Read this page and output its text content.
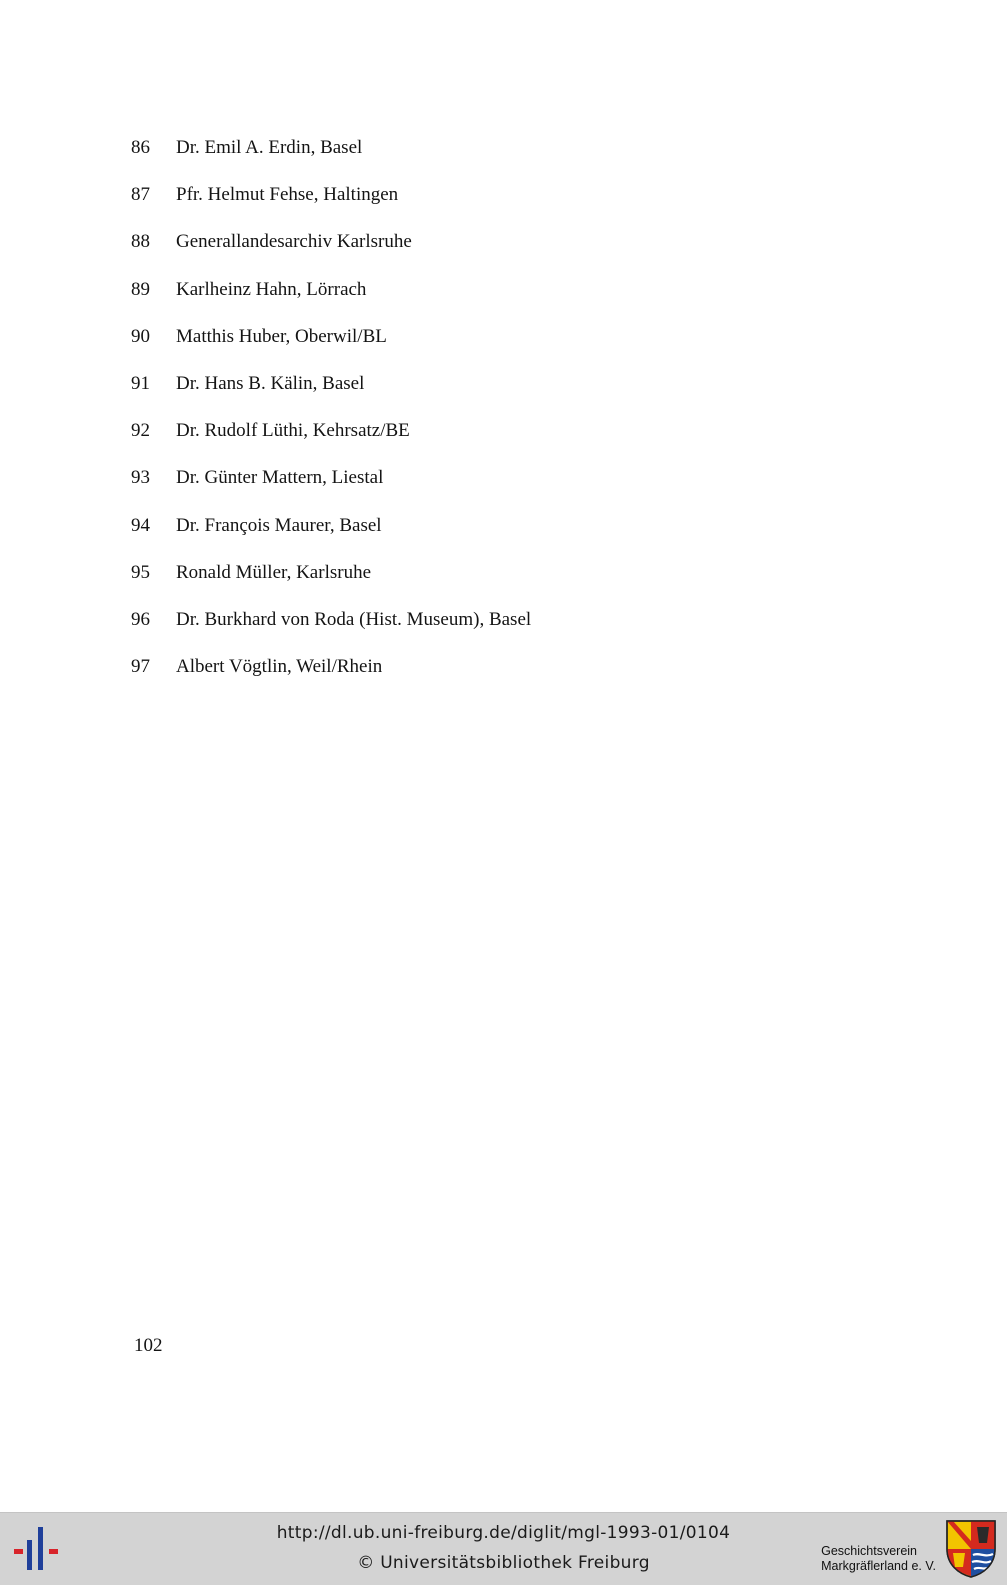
86 Dr. Emil A. Erdin, Basel
87 Pfr. Helmut Fehse, Haltingen
88 Generallandesarchiv Karlsruhe
89 Karlheinz Hahn, Lörrach
90 Matthis Huber, Oberwil/BL
91 Dr. Hans B. Kälin, Basel
92 Dr. Rudolf Lüthi, Kehrsatz/BE
93 Dr. Günter Mattern, Liestal
94 Dr. François Maurer, Basel
95 Ronald Müller, Karlsruhe
96 Dr. Burkhard von Roda (Hist. Museum), Basel
97 Albert Vögtlin, Weil/Rhein
102
http://dl.ub.uni-freiburg.de/diglit/mgl-1993-01/0104
© Universitätsbibliothek Freiburg
Geschichtsverein
Markgräflerland e. V.
